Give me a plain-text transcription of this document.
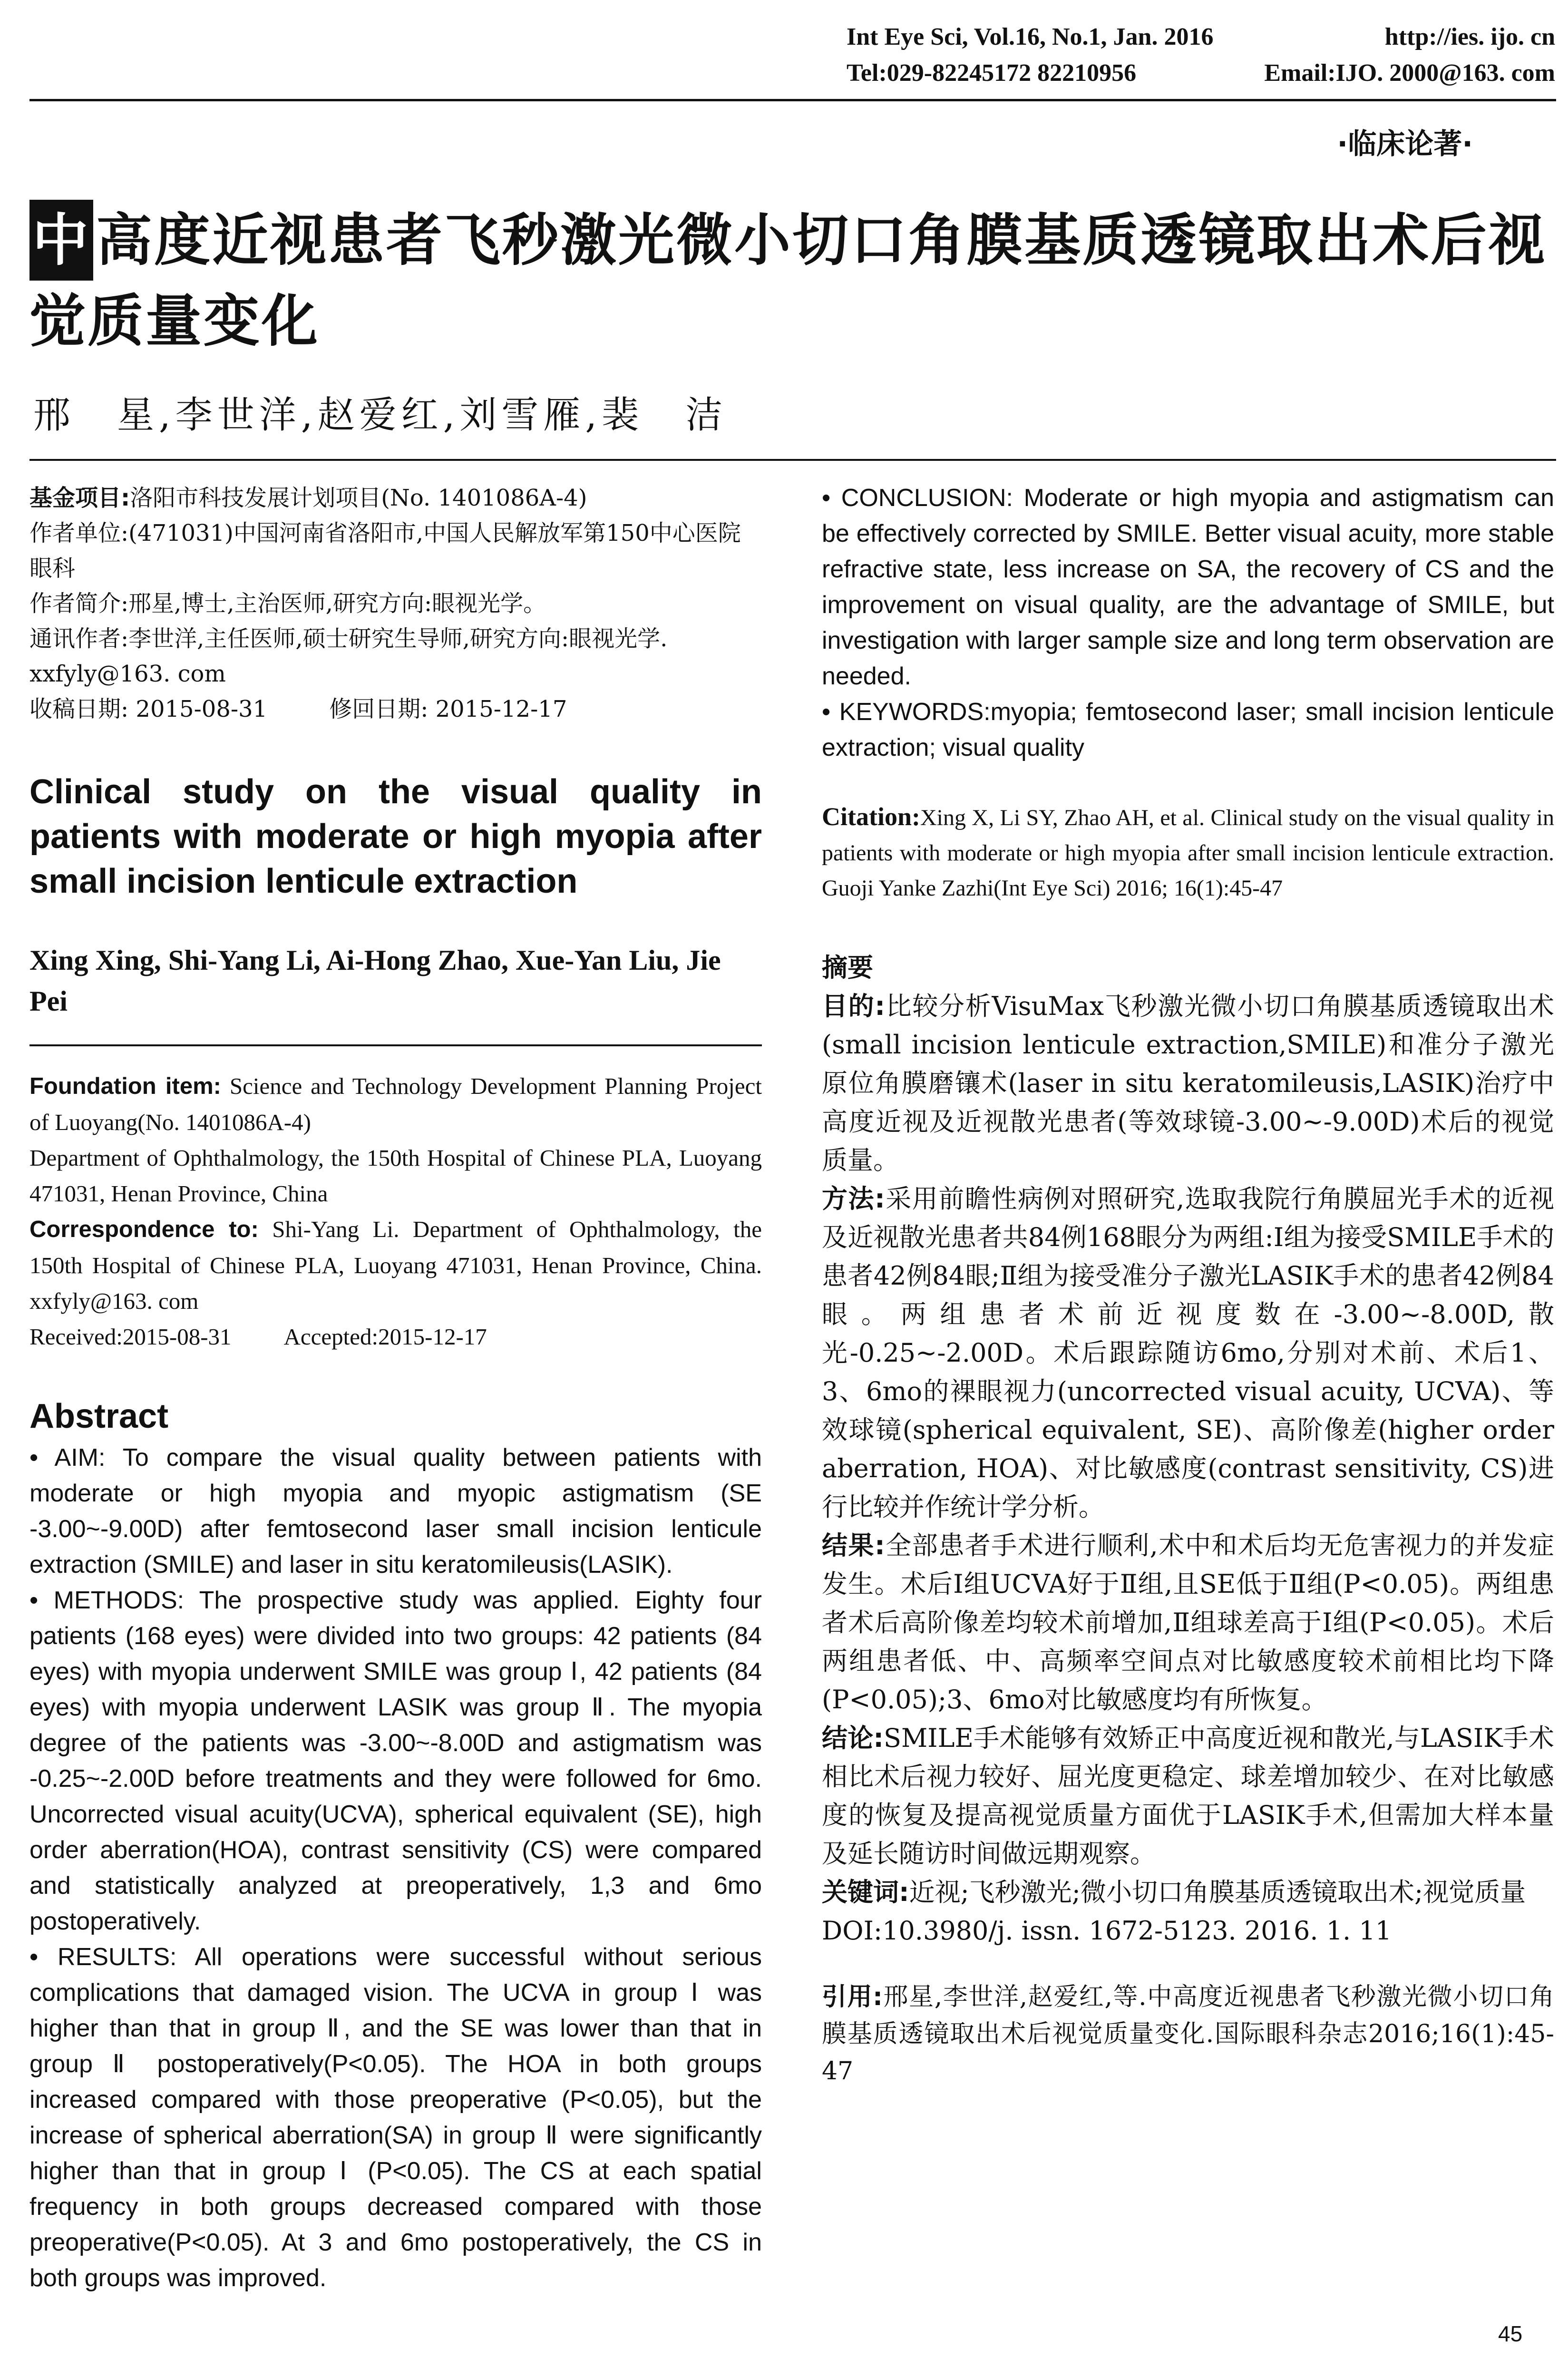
Int Eye Sci, Vol.16, No.1, Jan. 2016	http://ies. ijo. cn
Tel:029-82245172 82210956	Email:IJO. 2000@163. com
·临床论著·
中 高度近视患者飞秒激光微小切口角膜基质透镜取出术后视觉质量变化
邢　星,李世洋,赵爱红,刘雪雁,裴　洁
基金项目:洛阳市科技发展计划项目(No. 1401086A-4)
作者单位:(471031)中国河南省洛阳市,中国人民解放军第150中心医院眼科
作者简介:邢星,博士,主治医师,研究方向:眼视光学。
通讯作者:李世洋,主任医师,硕士研究生导师,研究方向:眼视光学. xxfyly@163. com
收稿日期: 2015-08-31	修回日期: 2015-12-17
Clinical study on the visual quality in patients with moderate or high myopia after small incision lenticule extraction
Xing Xing, Shi-Yang Li, Ai-Hong Zhao, Xue-Yan Liu, Jie Pei
Foundation item: Science and Technology Development Planning Project of Luoyang(No. 1401086A-4)
Department of Ophthalmology, the 150th Hospital of Chinese PLA, Luoyang 471031, Henan Province, China
Correspondence to: Shi-Yang Li. Department of Ophthalmology, the 150th Hospital of Chinese PLA, Luoyang 471031, Henan Province, China. xxfyly@163. com
Received:2015-08-31 Accepted:2015-12-17
Abstract

• AIM: To compare the visual quality between patients with moderate or high myopia and myopic astigmatism (SE -3.00~-9.00D) after femtosecond laser small incision lenticule extraction (SMILE) and laser in situ keratomileusis(LASIK).

• METHODS: The prospective study was applied. Eighty four patients (168 eyes) were divided into two groups: 42 patients (84 eyes) with myopia underwent SMILE was group Ⅰ, 42 patients (84 eyes) with myopia underwent LASIK was group Ⅱ. The myopia degree of the patients was -3.00~-8.00D and astigmatism was -0.25~-2.00D before treatments and they were followed for 6mo. Uncorrected visual acuity(UCVA), spherical equivalent (SE), high order aberration(HOA), contrast sensitivity (CS) were compared and statistically analyzed at preoperatively, 1,3 and 6mo postoperatively.

• RESULTS: All operations were successful without serious complications that damaged vision. The UCVA in group Ⅰ was higher than that in group Ⅱ, and the SE was lower than that in group Ⅱ postoperatively(P<0.05). The HOA in both groups increased compared with those preoperative (P<0.05), but the increase of spherical aberration(SA) in group Ⅱ were significantly higher than that in group Ⅰ (P<0.05). The CS at each spatial frequency in both groups decreased compared with those preoperative(P<0.05). At 3 and 6mo postoperatively, the CS in both groups was improved.

• CONCLUSION: Moderate or high myopia and astigmatism can be effectively corrected by SMILE. Better visual acuity, more stable refractive state, less increase on SA, the recovery of CS and the improvement on visual quality, are the advantage of SMILE, but investigation with larger sample size and long term observation are needed.

• KEYWORDS:myopia; femtosecond laser; small incision lenticule extraction; visual quality

Citation:Xing X, Li SY, Zhao AH, et al. Clinical study on the visual quality in patients with moderate or high myopia after small incision lenticule extraction. Guoji Yanke Zazhi(Int Eye Sci) 2016; 16(1):45-47
摘要

目的:比较分析VisuMax飞秒激光微小切口角膜基质透镜取出术(small incision lenticule extraction,SMILE)和准分子激光原位角膜磨镶术(laser in situ keratomileusis,LASIK)治疗中高度近视及近视散光患者(等效球镜-3.00~-9.00D)术后的视觉质量。

方法:采用前瞻性病例对照研究,选取我院行角膜屈光手术的近视及近视散光患者共84例168眼分为两组:Ⅰ组为接受SMILE手术的患者42例84眼;Ⅱ组为接受准分子激光LASIK手术的患者42例84眼。两组患者术前近视度数在-3.00~-8.00D,散光-0.25~-2.00D。术后跟踪随访6mo,分别对术前、术后1、3、6mo的裸眼视力(uncorrected visual acuity, UCVA)、等效球镜(spherical equivalent, SE)、高阶像差(higher order aberration, HOA)、对比敏感度(contrast sensitivity, CS)进行比较并作统计学分析。

结果:全部患者手术进行顺利,术中和术后均无危害视力的并发症发生。术后Ⅰ组UCVA好于Ⅱ组,且SE低于Ⅱ组(P<0.05)。两组患者术后高阶像差均较术前增加,Ⅱ组球差高于Ⅰ组(P<0.05)。术后两组患者低、中、高频率空间点对比敏感度较术前相比均下降(P<0.05);3、6mo对比敏感度均有所恢复。

结论:SMILE手术能够有效矫正中高度近视和散光,与LASIK手术相比术后视力较好、屈光度更稳定、球差增加较少、在对比敏感度的恢复及提高视觉质量方面优于LASIK手术,但需加大样本量及延长随访时间做远期观察。

关键词:近视;飞秒激光;微小切口角膜基质透镜取出术;视觉质量

DOI:10.3980/j. issn. 1672-5123. 2016. 1. 11

引用:邢星,李世洋,赵爱红,等.中高度近视患者飞秒激光微小切口角膜基质透镜取出术后视觉质量变化.国际眼科杂志2016;16(1):45-47
45
